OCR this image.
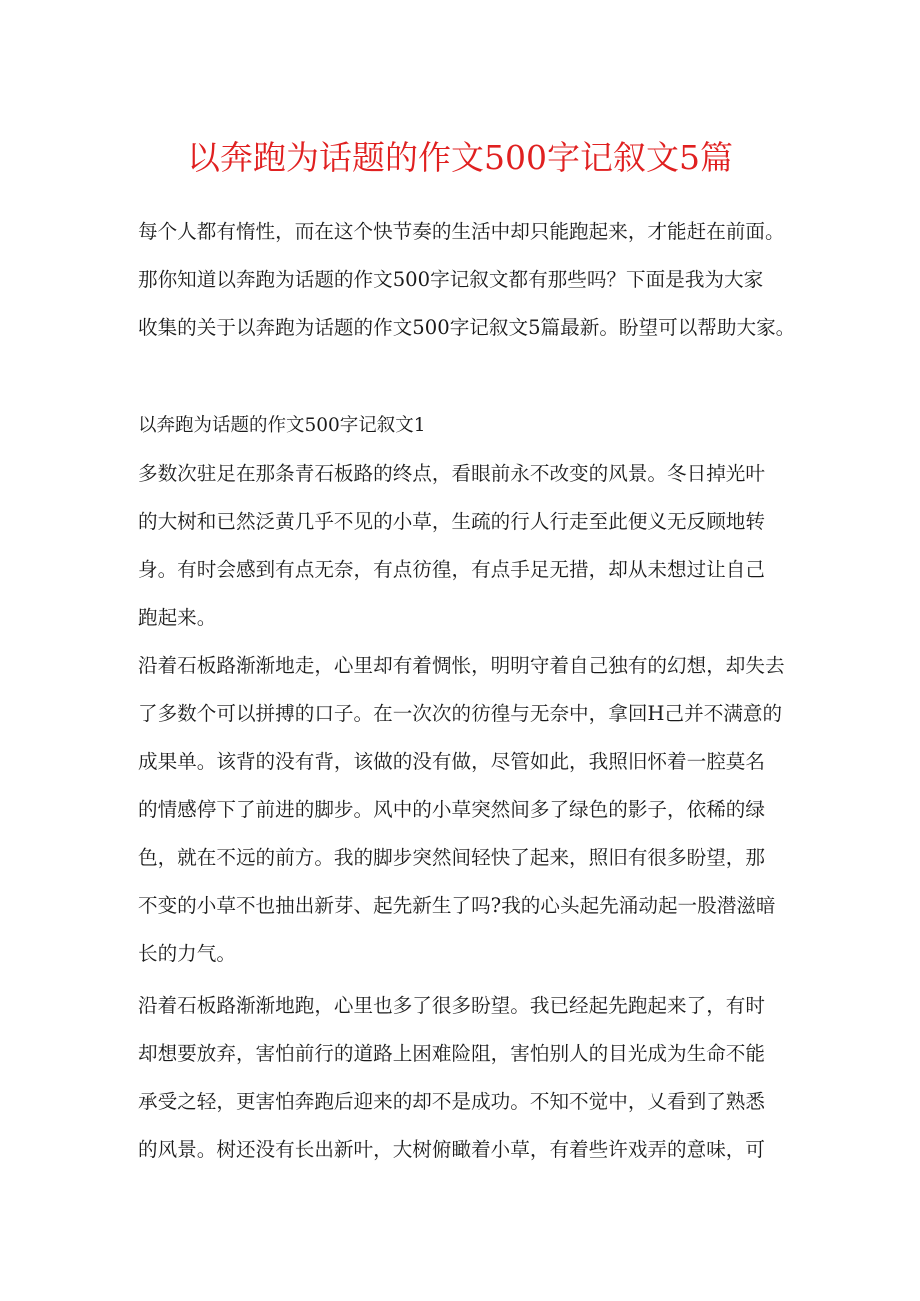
以奔跑为话题的作文500字记叙文5篇
每个人都有惰性，而在这个快节奏的生活中却只能跑起来，才能赶在前面。
那你知道以奔跑为话题的作文500字记叙文都有那些吗？下面是我为大家
收集的关于以奔跑为话题的作文500字记叙文5篇最新。盼望可以帮助大家。
以奔跑为话题的作文500字记叙文1
多数次驻足在那条青石板路的终点，看眼前永不改变的风景。冬日掉光叶
的大树和已然泛黄几乎不见的小草，生疏的行人行走至此便义无反顾地转
身。有时会感到有点无奈，有点彷徨，有点手足无措，却从未想过让自己
跑起来。
沿着石板路渐渐地走，心里却有着惆怅，明明守着自己独有的幻想，却失去
了多数个可以拼搏的口子。在一次次的彷徨与无奈中，拿回H己并不满意的
成果单。该背的没有背，该做的没有做，尽管如此，我照旧怀着一腔莫名
的情感停下了前进的脚步。风中的小草突然间多了绿色的影子，依稀的绿
色，就在不远的前方。我的脚步突然间轻快了起来，照旧有很多盼望，那
不变的小草不也抽出新芽、起先新生了吗?我的心头起先涌动起一股潜滋暗
长的力气。
沿着石板路渐渐地跑，心里也多了很多盼望。我已经起先跑起来了，有时
却想要放弃，害怕前行的道路上困难险阻，害怕别人的目光成为生命不能
承受之轻，更害怕奔跑后迎来的却不是成功。不知不觉中，乂看到了熟悉
的风景。树还没有长出新叶，大树俯瞰着小草，有着些许戏弄的意味，可
